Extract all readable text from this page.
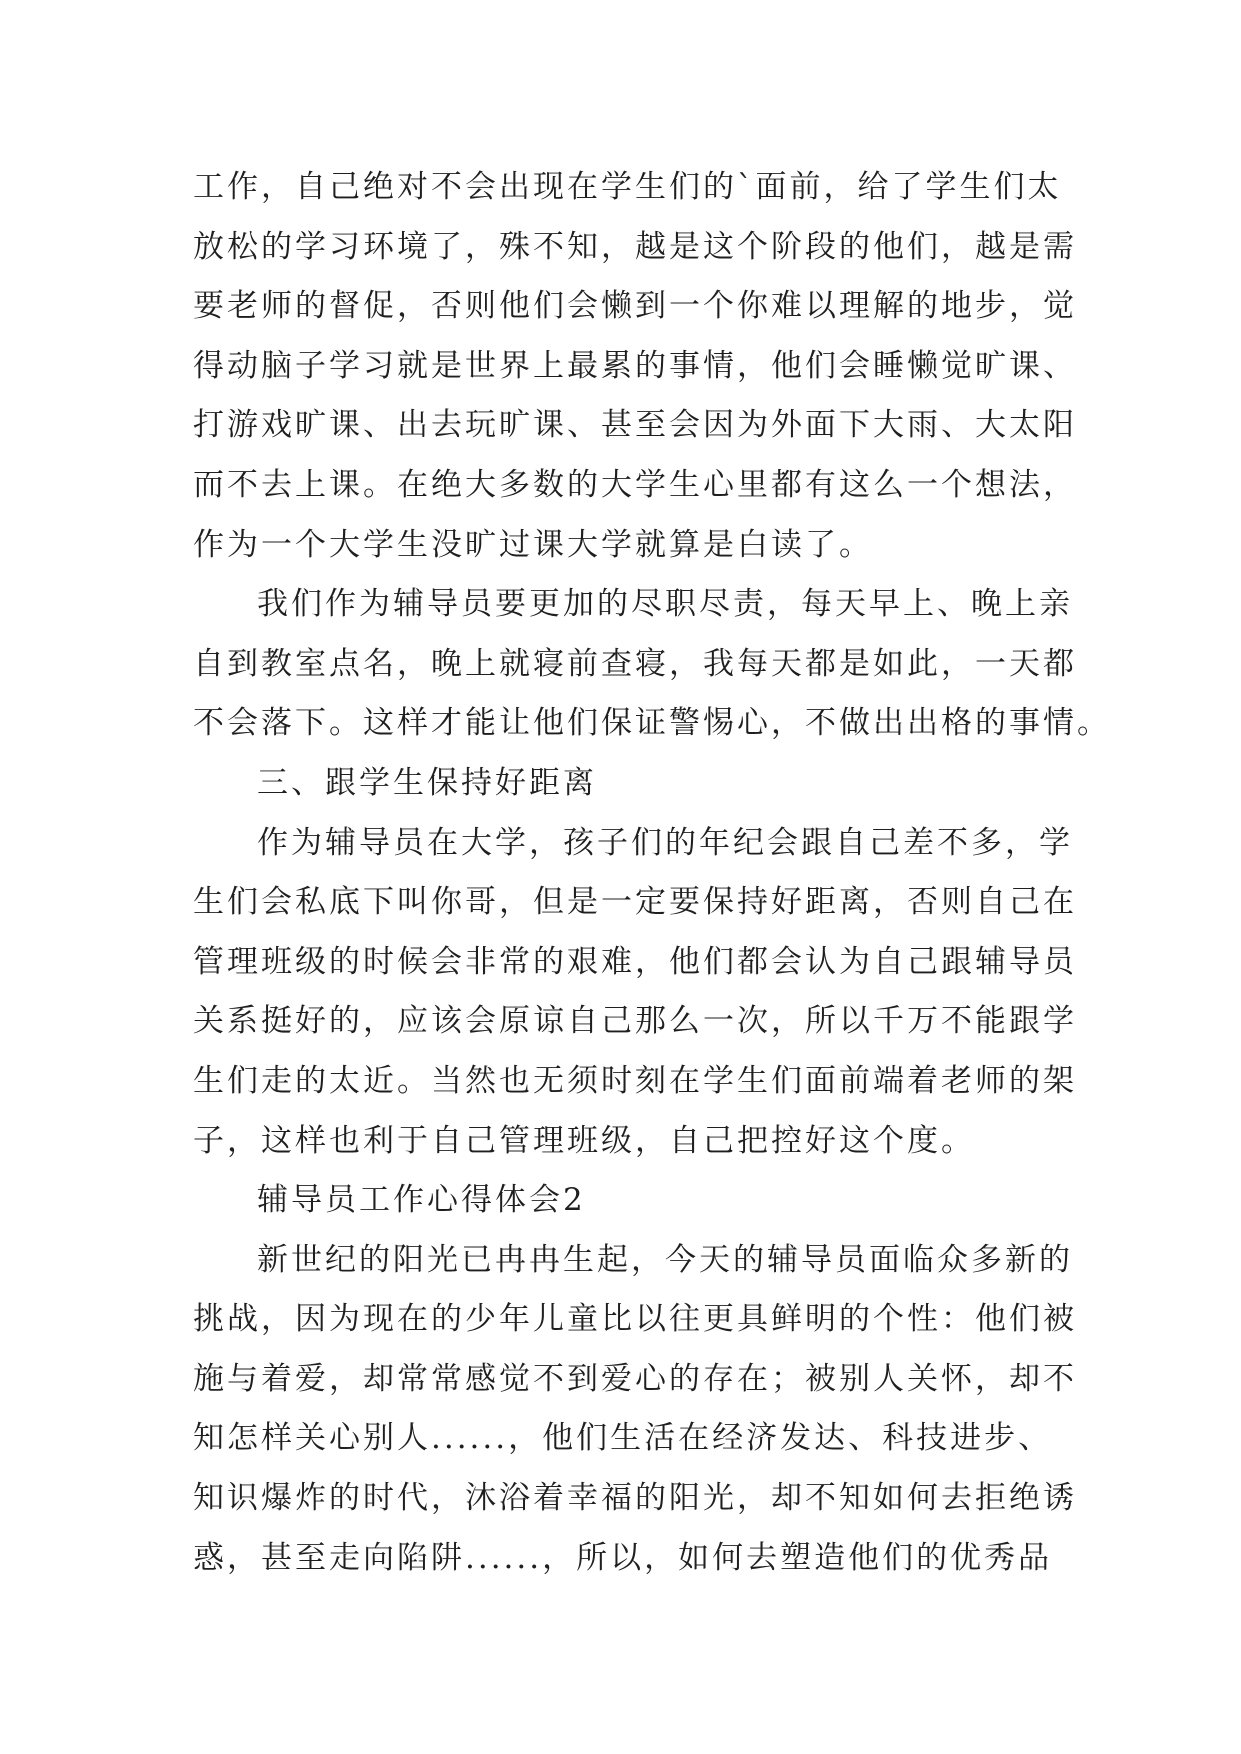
工作，自己绝对不会出现在学生们的`面前，给了学生们太
放松的学习环境了，殊不知，越是这个阶段的他们，越是需
要老师的督促，否则他们会懒到一个你难以理解的地步，觉
得动脑子学习就是世界上最累的事情，他们会睡懒觉旷课、
打游戏旷课、出去玩旷课、甚至会因为外面下大雨、大太阳
而不去上课。在绝大多数的大学生心里都有这么一个想法，
作为一个大学生没旷过课大学就算是白读了。
我们作为辅导员要更加的尽职尽责，每天早上、晚上亲
自到教室点名，晚上就寝前查寝，我每天都是如此，一天都
不会落下。这样才能让他们保证警惕心，不做出出格的事情。
三、跟学生保持好距离
作为辅导员在大学，孩子们的年纪会跟自己差不多，学
生们会私底下叫你哥，但是一定要保持好距离，否则自己在
管理班级的时候会非常的艰难，他们都会认为自己跟辅导员
关系挺好的，应该会原谅自己那么一次，所以千万不能跟学
生们走的太近。当然也无须时刻在学生们面前端着老师的架
子，这样也利于自己管理班级，自己把控好这个度。
辅导员工作心得体会2
新世纪的阳光已冉冉生起，今天的辅导员面临众多新的
挑战，因为现在的少年儿童比以往更具鲜明的个性：他们被
施与着爱，却常常感觉不到爱心的存在；被别人关怀，却不
知怎样关心别人......，他们生活在经济发达、科技进步、
知识爆炸的时代，沐浴着幸福的阳光，却不知如何去拒绝诱
惑，甚至走向陷阱......，所以，如何去塑造他们的优秀品
